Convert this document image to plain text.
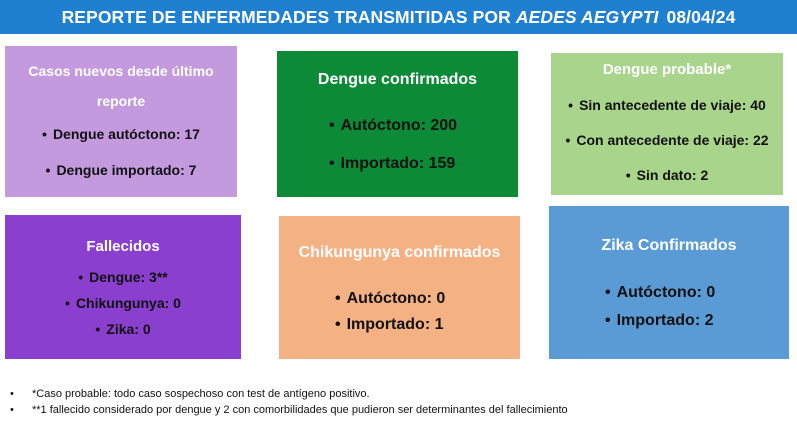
REPORTE DE ENFERMEDADES TRANSMITIDAS POR AEDES AEGYPTI 08/04/24
Casos nuevos desde último
reporte
• Dengue autóctono: 17
• Dengue importado: 7
Dengue confirmados
• Autóctono: 200
• Importado: 159
Dengue probable*
• Sin antecedente de viaje: 40
• Con antecedente de viaje: 22
• Sin dato: 2
Fallecidos
• Dengue: 3**
• Chikungunya: 0
• Zika: 0
Chikungunya confirmados
• Autóctono: 0
• Importado: 1
Zika Confirmados
• Autóctono: 0
• Importado: 2
• *Caso probable: todo caso sospechoso con test de antígeno positivo.
• **1 fallecido considerado por dengue y 2 con comorbilidades que pudieron ser determinantes del fallecimiento
